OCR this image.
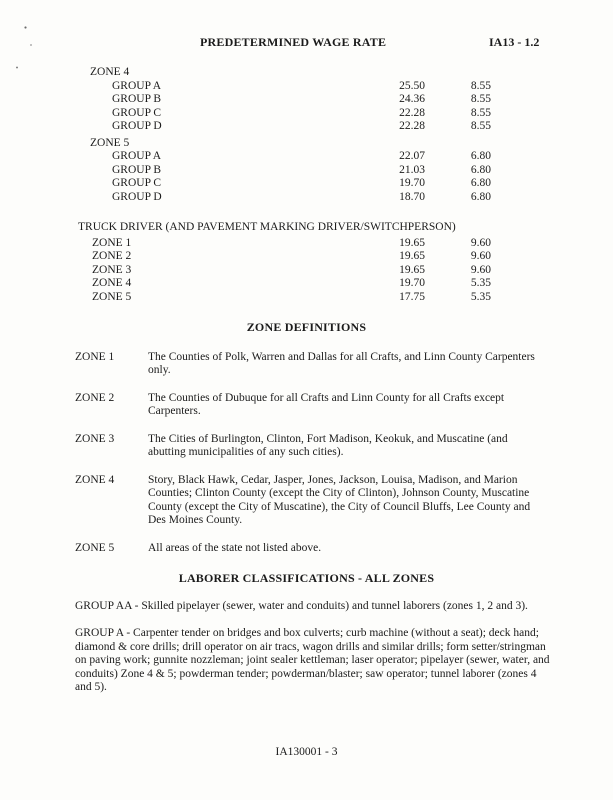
PREDETERMINED WAGE RATE	IA13 - 1.2
ZONE 4
GROUP A	25.50	8.55
GROUP B	24.36	8.55
GROUP C	22.28	8.55
GROUP D	22.28	8.55
ZONE 5
GROUP A	22.07	6.80
GROUP B	21.03	6.80
GROUP C	19.70	6.80
GROUP D	18.70	6.80
TRUCK DRIVER (AND PAVEMENT MARKING DRIVER/SWITCHPERSON)
ZONE 1	19.65	9.60
ZONE 2	19.65	9.60
ZONE 3	19.65	9.60
ZONE 4	19.70	5.35
ZONE 5	17.75	5.35
ZONE DEFINITIONS
ZONE 1	The Counties of Polk, Warren and Dallas for all Crafts, and Linn County Carpenters only.
ZONE 2	The Counties of Dubuque for all Crafts and Linn County for all Crafts except Carpenters.
ZONE 3	The Cities of Burlington, Clinton, Fort Madison, Keokuk, and Muscatine (and abutting municipalities of any such cities).
ZONE 4	Story, Black Hawk, Cedar, Jasper, Jones, Jackson, Louisa, Madison, and Marion Counties; Clinton County (except the City of Clinton), Johnson County, Muscatine County (except the City of Muscatine), the City of Council Bluffs, Lee County and Des Moines County.
ZONE 5	All areas of the state not listed above.
LABORER CLASSIFICATIONS - ALL ZONES

GROUP AA - Skilled pipelayer (sewer, water and conduits) and tunnel laborers (zones 1, 2 and 3).

GROUP A - Carpenter tender on bridges and box culverts; curb machine (without a seat); deck hand; diamond & core drills; drill operator on air tracs, wagon drills and similar drills; form setter/stringman on paving work; gunnite nozzleman; joint sealer kettleman; laser operator; pipelayer (sewer, water, and conduits) Zone 4 & 5; powderman tender; powderman/blaster; saw operator; tunnel laborer (zones 4 and 5).

IA130001 - 3
